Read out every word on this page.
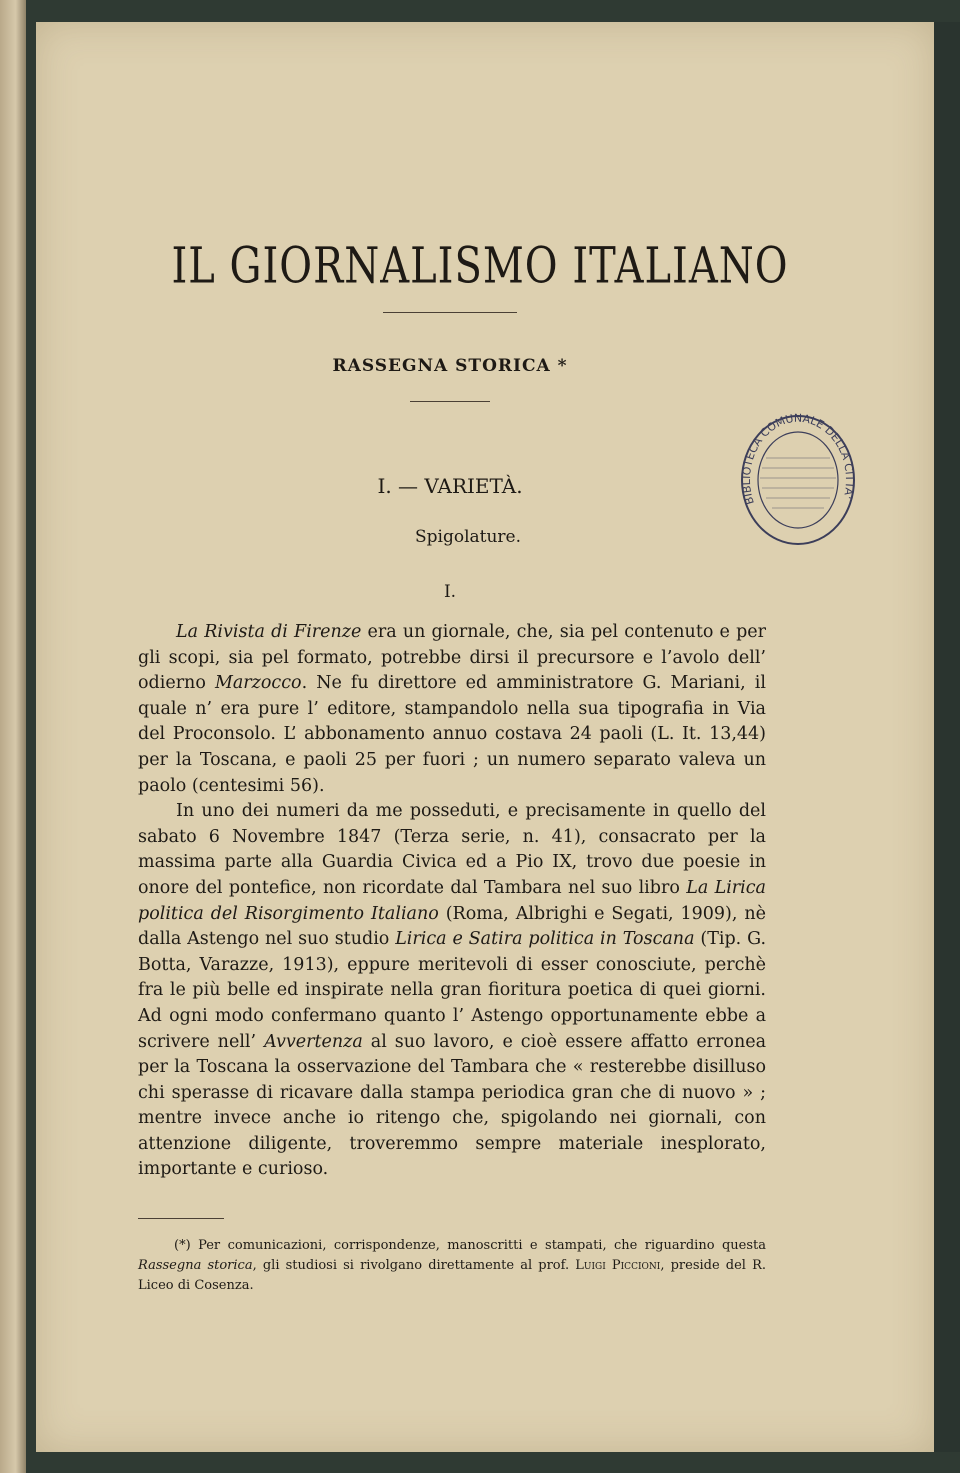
IL GIORNALISMO ITALIANO
RASSEGNA STORICA *
I. — VARIETÀ.
Spigolature.
I.
BIBLIOTECA COMUNALE DELLA CITTA'

La Rivista di Firenze era un giornale, che, sia pel contenuto e per gli scopi, sia pel formato, potrebbe dirsi il precursore e l’avolo dell’ odierno Marzocco. Ne fu direttore ed amministratore G. Mariani, il quale n’ era pure l’ editore, stampandolo nella sua tipografia in Via del Proconsolo. L’ abbonamento annuo costava 24 paoli (L. It. 13,44) per la Toscana, e paoli 25 per fuori ; un numero separato valeva un paolo (centesimi 56).

In uno dei numeri da me posseduti, e precisamente in quello del sabato 6 Novembre 1847 (Terza serie, n. 41), consacrato per la massima parte alla Guardia Civica ed a Pio IX, trovo due poesie in onore del pontefice, non ricordate dal Tambara nel suo libro La Lirica politica del Risorgimento Italiano (Roma, Albrighi e Segati, 1909), nè dalla Astengo nel suo studio Lirica e Satira politica in Toscana (Tip. G. Botta, Varazze, 1913), eppure meritevoli di esser conosciute, perchè fra le più belle ed inspirate nella gran fioritura poetica di quei giorni. Ad ogni modo confermano quanto l’ Astengo opportunamente ebbe a scrivere nell’ Avvertenza al suo lavoro, e cioè essere affatto erronea per la Toscana la osservazione del Tambara che « resterebbe disilluso chi sperasse di ricavare dalla stampa periodica gran che di nuovo » ; mentre invece anche io ritengo che, spigolando nei giornali, con attenzione diligente, troveremmo sempre materiale inesplorato, importante e curioso.

(*) Per comunicazioni, corrispondenze, manoscritti e stampati, che riguardino questa Rassegna storica, gli studiosi si rivolgano direttamente al prof. Luigi Piccioni, preside del R. Liceo di Cosenza.
